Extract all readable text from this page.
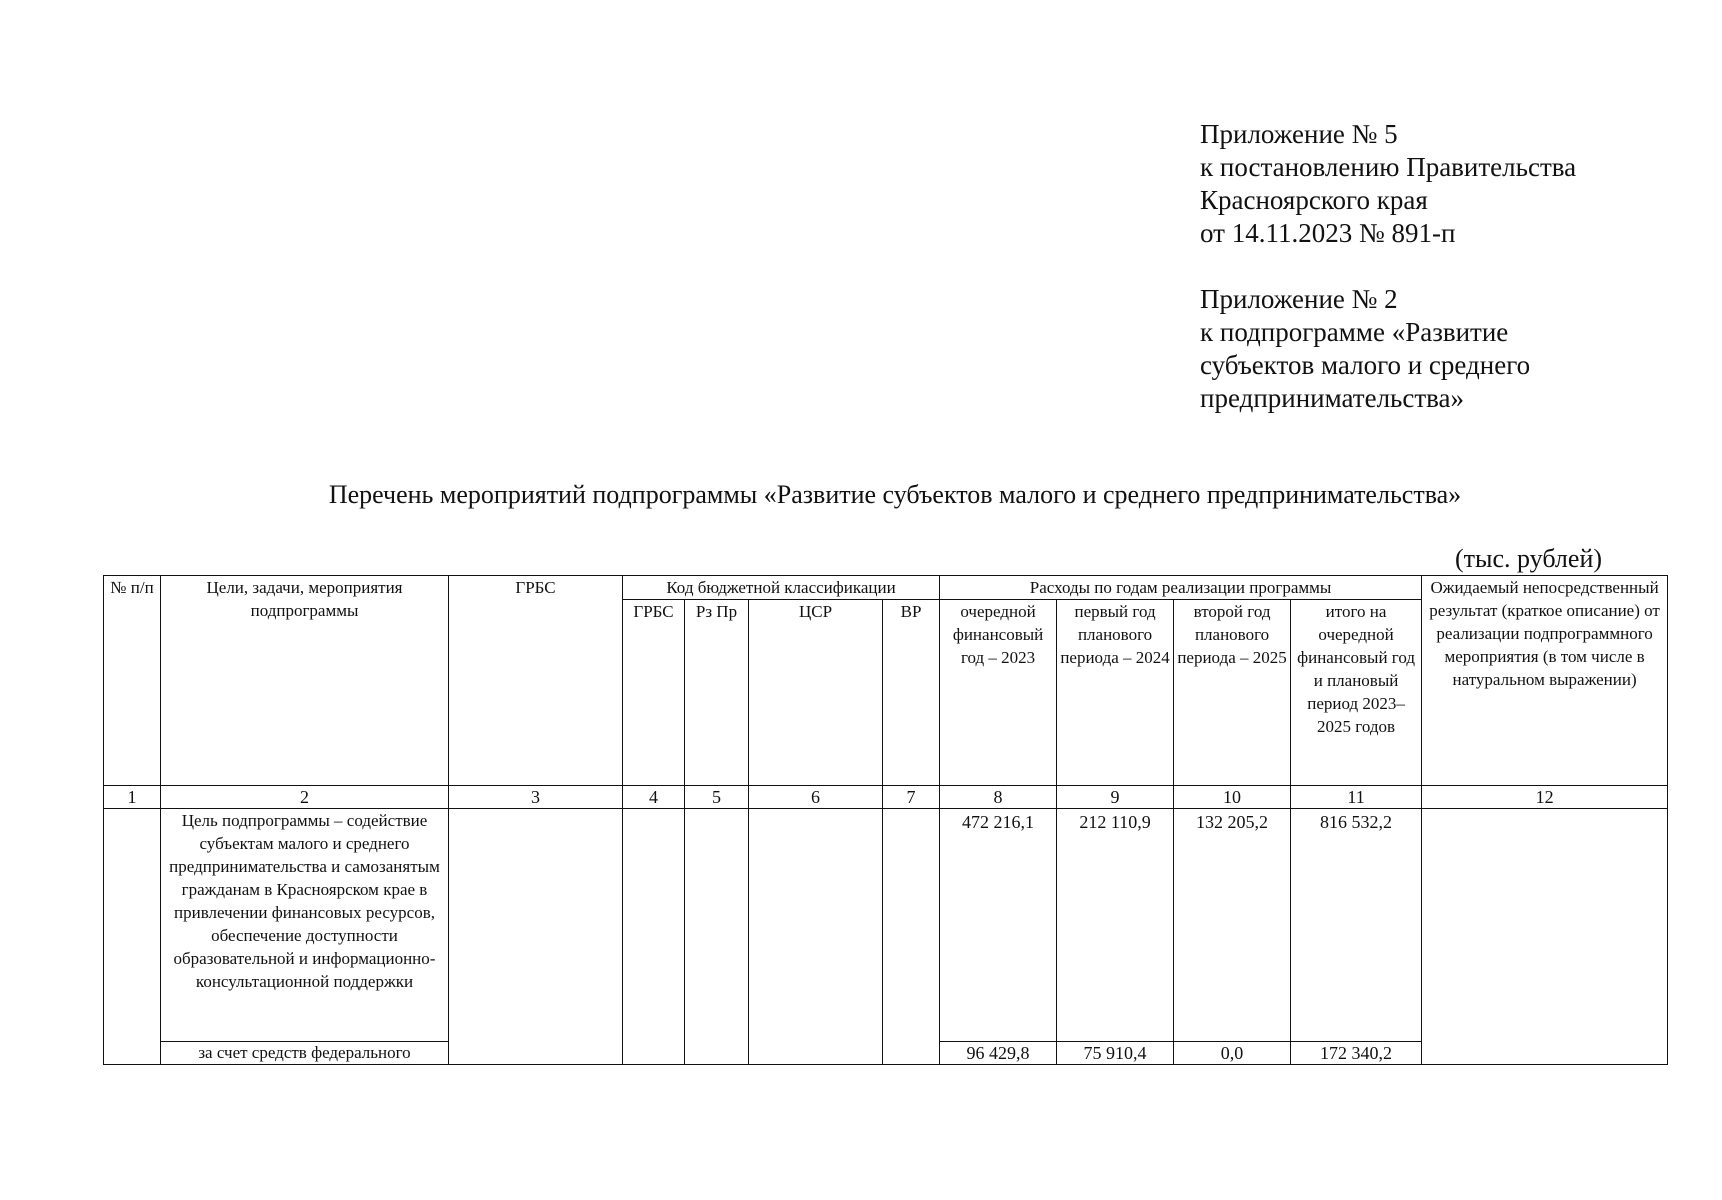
Приложение № 5
к постановлению Правительства
Красноярского края
от 14.11.2023 № 891-п
Приложение № 2
к подпрограмме «Развитие
субъектов малого и среднего
предпринимательства»
Перечень мероприятий подпрограммы «Развитие субъектов малого и среднего предпринимательства»
(тыс. рублей)
№ п/п	Цели, задачи, мероприятия подпрограммы	ГРБС	Код бюджетной классификации				Расходы по годам реализации программы				Ожидаемый непосредственный результат (краткое описание) от реализации подпрограммного мероприятия (в том числе в натуральном выражении)
			ГРБС	Рз Пр	ЦСР	ВР	очередной финансовый год – 2023	первый год планового периода – 2024	второй год планового периода – 2025	итого на очередной финансовый год и плановый период 2023–2025 годов	
1	2	3	4	5	6	7	8	9	10	11	12
	Цель подпрограммы – содействие субъектам малого и среднего предпринимательства и самозанятым гражданам в Красноярском крае в привлечении финансовых ресурсов, обеспечение доступности образовательной и информационно-консультационной поддержки						472 216,1	212 110,9	132 205,2	816 532,2	
	за счет средств федерального						96 429,8	75 910,4	0,0	172 340,2	
